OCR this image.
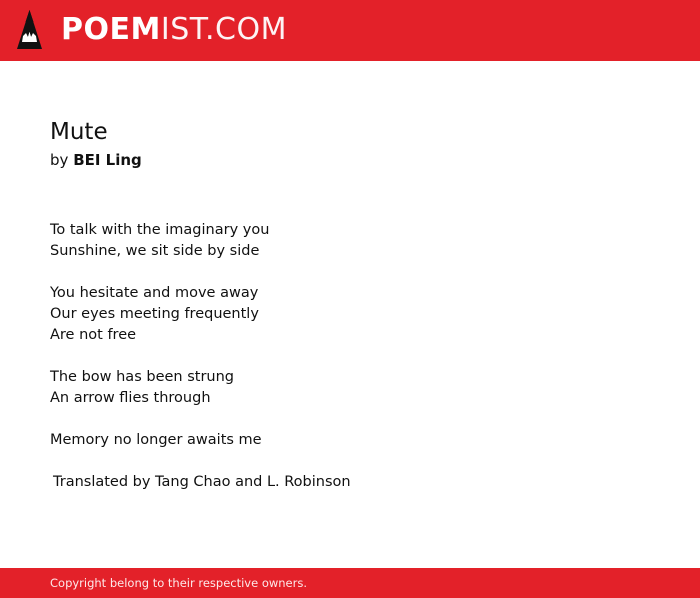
POEMIST.COM
Mute

by BEI Ling

To talk with the imaginary you
Sunshine, we sit side by side
You hesitate and move away
Our eyes meeting frequently
Are not free
The bow has been strung
An arrow flies through
Memory no longer awaits me
Translated by Tang Chao and L. Robinson
Copyright belong to their respective owners.
